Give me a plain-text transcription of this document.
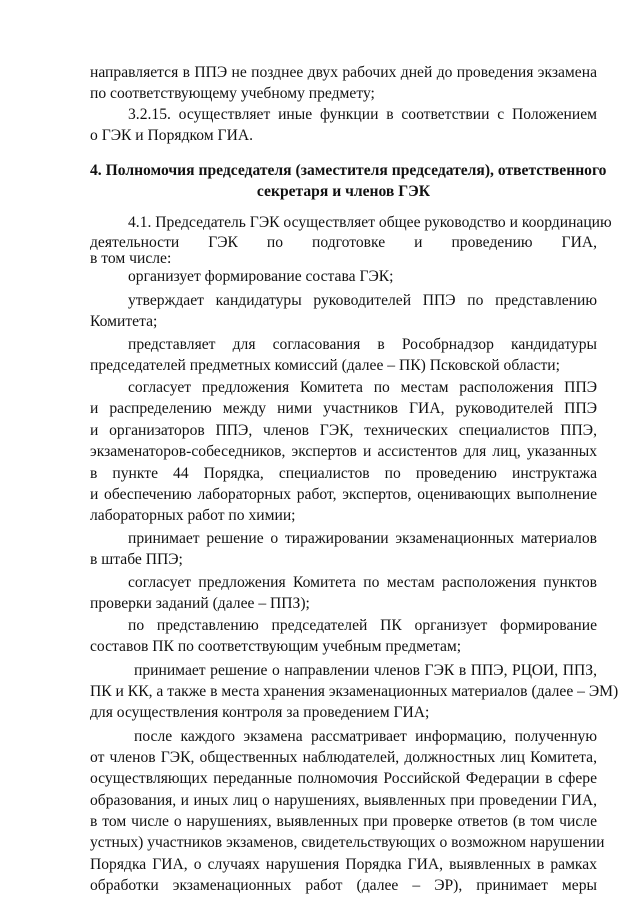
направляется в ППЭ не позднее двух рабочих дней до проведения экзамена
по соответствующему учебному предмету;
3.2.15. осуществляет иные функции в соответствии с Положением
о ГЭК и Порядком ГИА.
4. Полномочия председателя (заместителя председателя), ответственного
секретаря и членов ГЭК
4.1. Председатель ГЭК осуществляет общее руководство и координацию
деятельности ГЭК по подготовке и проведению ГИА,
в том числе:
организует формирование состава ГЭК;
утверждает кандидатуры руководителей ППЭ по представлению
Комитета;
представляет для согласования в Рособрнадзор кандидатуры
председателей предметных комиссий (далее – ПК) Псковской области;
согласует предложения Комитета по местам расположения ППЭ
и распределению между ними участников ГИА, руководителей ППЭ
и организаторов ППЭ, членов ГЭК, технических специалистов ППЭ,
экзаменаторов-собеседников, экспертов и ассистентов для лиц, указанных
в пункте 44 Порядка, специалистов по проведению инструктажа
и обеспечению лабораторных работ, экспертов, оценивающих выполнение
лабораторных работ по химии;
принимает решение о тиражировании экзаменационных материалов
в штабе ППЭ;
согласует предложения Комитета по местам расположения пунктов
проверки заданий (далее – ППЗ);
по представлению председателей ПК организует формирование
составов ПК по соответствующим учебным предметам;
принимает решение о направлении членов ГЭК в ППЭ, РЦОИ, ППЗ,
ПК и КК, а также в места хранения экзаменационных материалов (далее – ЭМ)
для осуществления контроля за проведением ГИА;
после каждого экзамена рассматривает информацию, полученную
от членов ГЭК, общественных наблюдателей, должностных лиц Комитета,
осуществляющих переданные полномочия Российской Федерации в сфере
образования, и иных лиц о нарушениях, выявленных при проведении ГИА,
в том числе о нарушениях, выявленных при проверке ответов (в том числе
устных) участников экзаменов, свидетельствующих о возможном нарушении
Порядка ГИА, о случаях нарушения Порядка ГИА, выявленных в рамках
обработки экзаменационных работ (далее – ЭР), принимает меры
